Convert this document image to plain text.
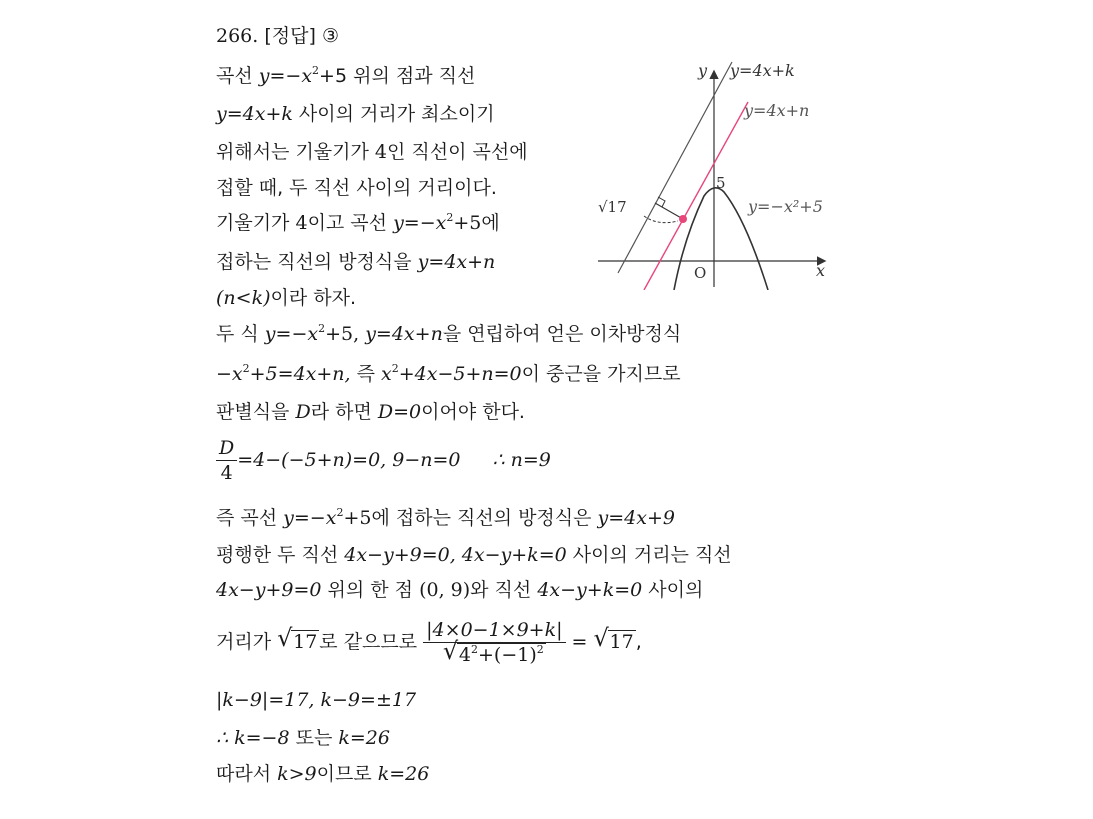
266. [정답] ③
곡선 $y=-x^2+5$ 위의 점과 직선
y=4x+k 사이의 거리가 최소이기
위해서는 기울기가 4인 직선이 곡선에
접할 때, 두 직선 사이의 거리이다.
기울기가 4이고 곡선 $y=-x^2+5$에
접하는 직선의 방정식을 y=4x+n
(n<k)이라 하자.
두 식 $y=-x^2+5$, y=4x+n을 연립하여 얻은 이차방정식
$-x^2+5=4x+n$, 즉 $x^2+4x-5+n=0$이 중근을 가지므로
판별식을 D라 하면 D=0이어야 한다.
$\frac{D}{4} =4-(-5+n)=0$, 9−n=0 ∴ n=9
즉 곡선 $y=-x^2+5$에 접하는 직선의 방정식은 y=4x+9
평행한 두 직선 4x−y+9=0, 4x−y+k=0 사이의 거리는 직선
4x−y+9=0 위의 한 점 (0, 9)와 직선 4x−y+k=0 사이의
거리가 √ 17 로 같으므로 $\frac{|4\times 0-1\times 9+k|}{√ 4^2+(-1)^2}$ = √ 17 ,
|k−9|=17, k−9=±17
∴ k=−8 또는 k=26
따라서 k>9이므로 k=26
y
x
O
y=4x+k
y=4x+n
y=−x²+5
5
√17
